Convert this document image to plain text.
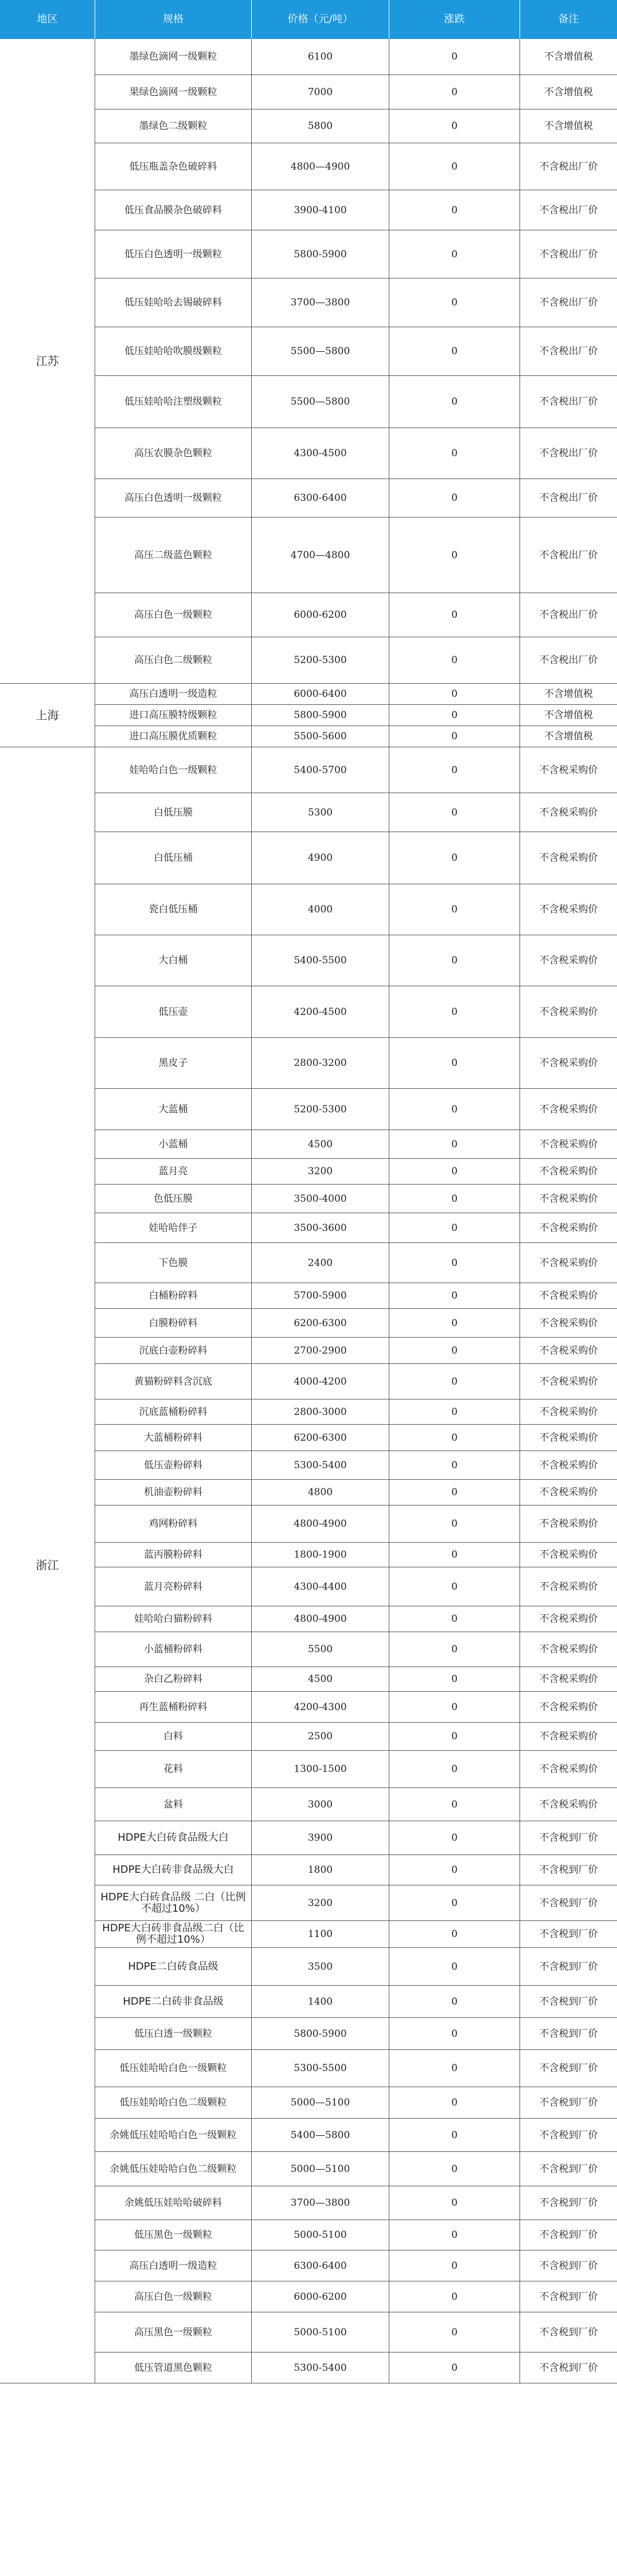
地区	规格	价格（元/吨）	涨跌	备注
江苏
墨绿色滴网一级颗粒	6100	0	不含增值税
果绿色滴网一级颗粒	7000	0	不含增值税
墨绿色二级颗粒	5800	0	不含增值税
低压瓶盖杂色破碎料	4800—4900	0	不含税出厂价
低压食品膜杂色破碎料	3900-4100	0	不含税出厂价
低压白色透明一级颗粒	5800-5900	0	不含税出厂价
低压娃哈哈去锡破碎料	3700—3800	0	不含税出厂价
低压娃哈哈吹膜级颗粒	5500—5800	0	不含税出厂价
低压娃哈哈注塑级颗粒	5500—5800	0	不含税出厂价
高压农膜杂色颗粒	4300-4500	0	不含税出厂价
高压白色透明一级颗粒	6300-6400	0	不含税出厂价
高压二级蓝色颗粒	4700—4800	0	不含税出厂价
高压白色一级颗粒	6000-6200	0	不含税出厂价
高压白色二级颗粒	5200-5300	0	不含税出厂价
上海
高压白透明一级造粒	6000-6400	0	不含增值税
进口高压膜特级颗粒	5800-5900	0	不含增值税
进口高压膜优质颗粒	5500-5600	0	不含增值税
浙江
娃哈哈白色一级颗粒	5400-5700	0	不含税采购价
白低压膜	5300	0	不含税采购价
白低压桶	4900	0	不含税采购价
瓷白低压桶	4000	0	不含税采购价
大白桶	5400-5500	0	不含税采购价
低压壶	4200-4500	0	不含税采购价
黑皮子	2800-3200	0	不含税采购价
大蓝桶	5200-5300	0	不含税采购价
小蓝桶	4500	0	不含税采购价
蓝月亮	3200	0	不含税采购价
色低压膜	3500-4000	0	不含税采购价
娃哈哈伴子	3500-3600	0	不含税采购价
下色膜	2400	0	不含税采购价
白桶粉碎料	5700-5900	0	不含税采购价
白膜粉碎料	6200-6300	0	不含税采购价
沉底白壶粉碎料	2700-2900	0	不含税采购价
黄猫粉碎料含沉底	4000-4200	0	不含税采购价
沉底蓝桶粉碎料	2800-3000	0	不含税采购价
大蓝桶粉碎料	6200-6300	0	不含税采购价
低压壶粉碎料	5300-5400	0	不含税采购价
机油壶粉碎料	4800	0	不含税采购价
鸡网粉碎料	4800-4900	0	不含税采购价
蓝丙膜粉碎料	1800-1900	0	不含税采购价
蓝月亮粉碎料	4300-4400	0	不含税采购价
娃哈哈白猫粉碎料	4800-4900	0	不含税采购价
小蓝桶粉碎料	5500	0	不含税采购价
杂白乙粉碎料	4500	0	不含税采购价
再生蓝桶粉碎料	4200-4300	0	不含税采购价
白料	2500	0	不含税采购价
花料	1300-1500	0	不含税采购价
盆料	3000	0	不含税采购价
HDPE大白砖食品级大白	3900	0	不含税到厂价
HDPE大白砖非食品级大白	1800	0	不含税到厂价
HDPE大白砖食品级 二白（比例不超过10%）	3200	0	不含税到厂价
HDPE大白砖非食品级二白（比例不超过10%）	1100	0	不含税到厂价
HDPE二白砖食品级	3500	0	不含税到厂价
HDPE二白砖非食品级	1400	0	不含税到厂价
低压白透一级颗粒	5800-5900	0	不含税到厂价
低压娃哈哈白色一级颗粒	5300-5500	0	不含税到厂价
低压娃哈哈白色二级颗粒	5000—5100	0	不含税到厂价
余姚低压娃哈哈白色一级颗粒	5400—5800	0	不含税到厂价
余姚低压娃哈哈白色二级颗粒	5000—5100	0	不含税到厂价
余姚低压娃哈哈破碎料	3700—3800	0	不含税到厂价
低压黑色一级颗粒	5000-5100	0	不含税到厂价
高压白透明一级造粒	6300-6400	0	不含税到厂价
高压白色一级颗粒	6000-6200	0	不含税到厂价
高压黑色一级颗粒	5000-5100	0	不含税到厂价
低压管道黑色颗粒	5300-5400	0	不含税到厂价
